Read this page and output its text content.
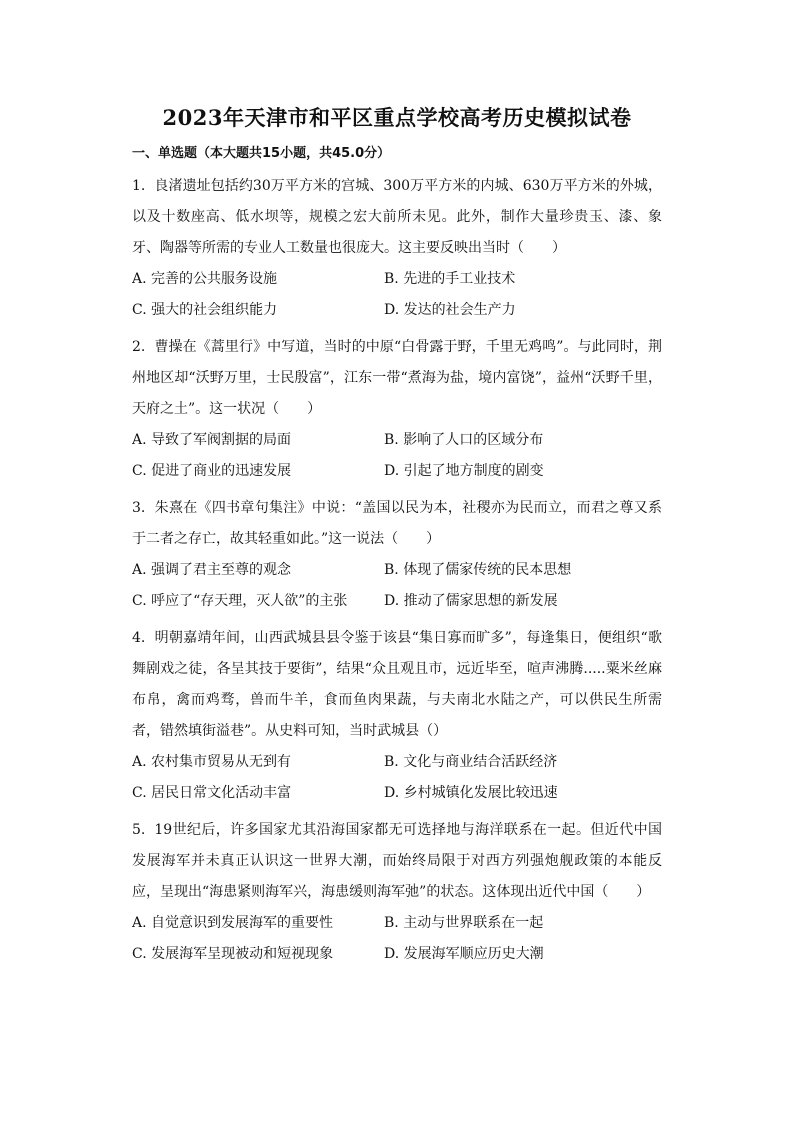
2023年天津市和平区重点学校高考历史模拟试卷
一、单选题（本大题共15小题，共45.0分）
1. 良渚遗址包括约30万平方米的宫城、300万平方米的内城、630万平方米的外城，以及十数座高、低水坝等，规模之宏大前所未见。此外，制作大量珍贵玉、漆、象牙、陶器等所需的专业人工数量也很庞大。这主要反映出当时（　　）
A. 完善的公共服务设施	B. 先进的手工业技术
C. 强大的社会组织能力	D. 发达的社会生产力
2. 曹操在《蒿里行》中写道，当时的中原“白骨露于野，千里无鸡鸣”。与此同时，荆州地区却“沃野万里，士民殷富”，江东一带“煮海为盐，境内富饶”，益州“沃野千里，天府之土”。这一状况（　　）
A. 导致了军阀割据的局面	B. 影响了人口的区域分布
C. 促进了商业的迅速发展	D. 引起了地方制度的剧变
3. 朱熹在《四书章句集注》中说：“盖国以民为本，社稷亦为民而立，而君之尊又系于二者之存亡，故其轻重如此。”这一说法（　　）
A. 强调了君主至尊的观念	B. 体现了儒家传统的民本思想
C. 呼应了“存天理，灭人欲”的主张	D. 推动了儒家思想的新发展
4. 明朝嘉靖年间，山西武城县县令鉴于该县“集日寡而旷多”，每逢集日，便组织“歌舞剧戏之徒，各呈其技于要街”，结果“众且观且市，远近毕至，喧声沸腾.....粟米丝麻布帛，禽而鸡骛，兽而牛羊，食而鱼肉果蔬，与夫南北水陆之产，可以供民生所需者，错然填街溢巷”。从史料可知，当时武城县（）
A. 农村集市贸易从无到有	B. 文化与商业结合活跃经济
C. 居民日常文化活动丰富	D. 乡村城镇化发展比较迅速
5. 19世纪后，许多国家尤其沿海国家都无可选择地与海洋联系在一起。但近代中国发展海军并未真正认识这一世界大潮，而始终局限于对西方列强炮舰政策的本能反应，呈现出“海患紧则海军兴，海患缓则海军弛”的状态。这体现出近代中国（　　）
A. 自觉意识到发展海军的重要性	B. 主动与世界联系在一起
C. 发展海军呈现被动和短视现象	D. 发展海军顺应历史大潮
